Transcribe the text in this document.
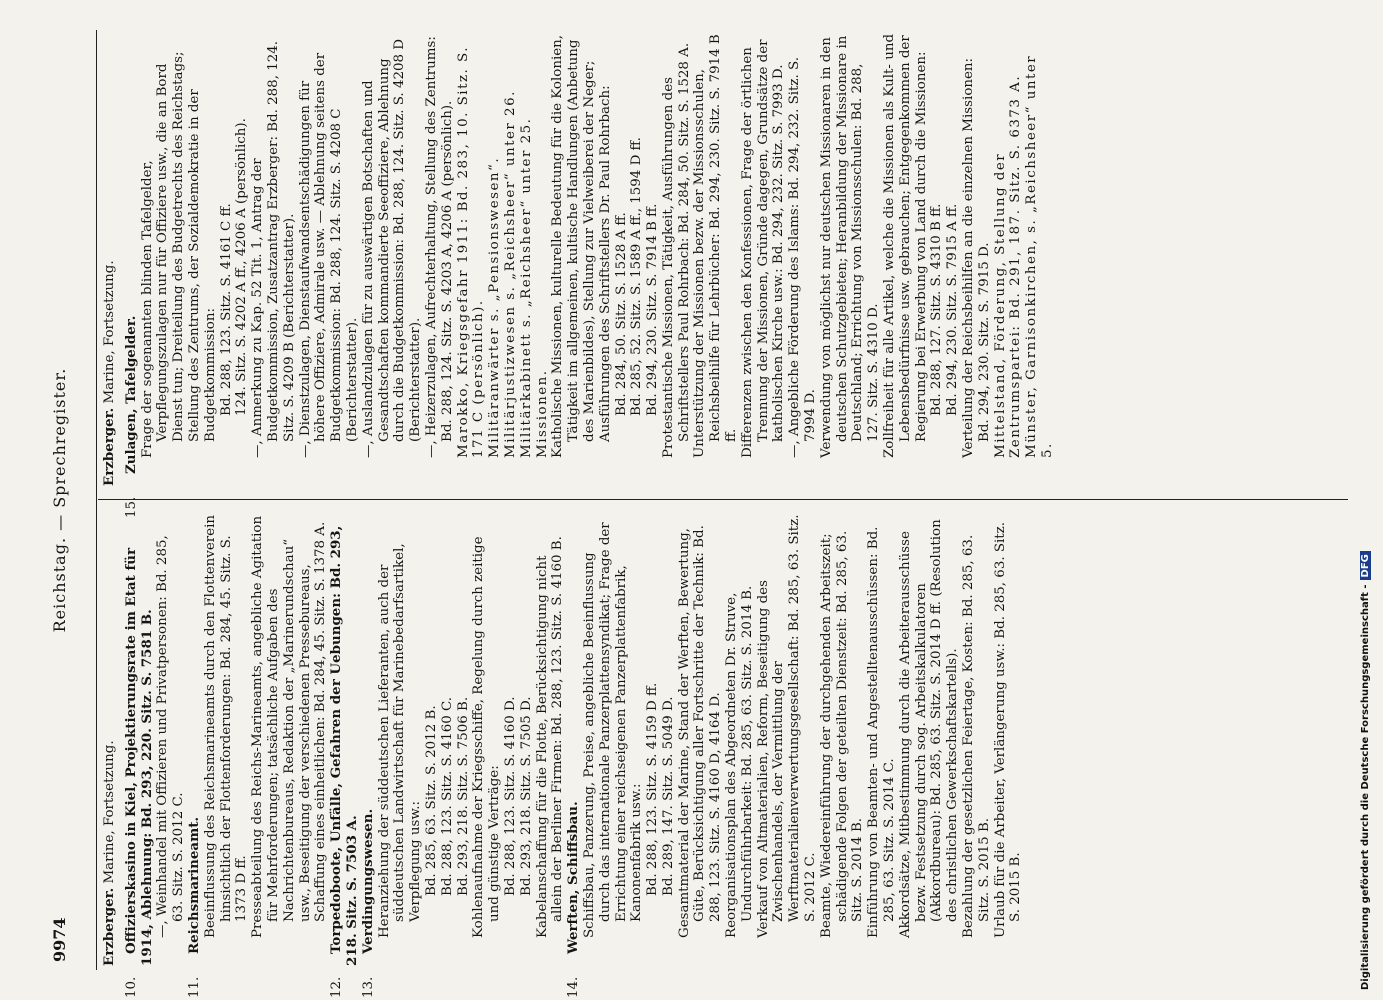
9974
Reichstag. — Sprechregister.

Erzberger. Marine, Fortsetzung.

10.Offizierskasino in Kiel, Projektierungsrate im Etat für 1914, Ablehnung: Bd. 293, 220. Sitz. S. 7581 B. —, Weinhandel mit Offizieren und Privatpersonen: Bd. 285, 63. Sitz. S. 2012 C.

11.Reichsmarineamt. Beeinflussung des Reichsmarineamts durch den Flottenverein hinsichtlich der Flottenforderungen: Bd. 284, 45. Sitz. S. 1373 D ff. Presseabteilung des Reichs-Marineamts, angebliche Agitation für Mehrforderungen; tatsächliche Aufgaben des Nachrichtenbureaus, Redaktion der „Marinerundschau“ usw., Beseitigung der verschiedenen Pressebureaus, Schaffung eines einheitlichen: Bd. 284, 45. Sitz. S. 1378 A.

12.Torpedoboote, Unfälle, Gefahren der Uebungen: Bd. 293, 218. Sitz. S. 7503 A.

13.Verdingungswesen. Heranziehung der süddeutschen Lieferanten, auch der süddeutschen Landwirtschaft für Marinebedarfsartikel, Verpflegung usw.: Bd. 285, 63. Sitz. S. 2012 B. Bd. 288, 123. Sitz. S. 4160 C. Bd. 293, 218. Sitz. S. 7506 B. Kohlenaufnahme der Kriegsschiffe, Regelung durch zeitige und günstige Verträge: Bd. 288, 123. Sitz. S. 4160 D. Bd. 293, 218. Sitz. S. 7505 D. Kabelanschaffung für die Flotte, Berücksichtigung nicht allein der Berliner Firmen: Bd. 288, 123. Sitz. S. 4160 B.

14.Werften, Schiffsbau. Schiffsbau, Panzerung, Preise, angebliche Beeinflussung durch das internationale Panzerplattensyndikat; Frage der Errichtung einer reichseigenen Panzerplattenfabrik, Kanonenfabrik usw.: Bd. 288, 123. Sitz. S. 4159 D ff. Bd. 289, 147. Sitz. S. 5049 D. Gesamtmaterial der Marine, Stand der Werften, Bewertung, Güte, Berücksichtigung aller Fortschritte der Technik: Bd. 288, 123. Sitz. S. 4160 D, 4164 D. Reorganisationsplan des Abgeordneten Dr. Struve, Undurchführbarkeit: Bd. 285, 63. Sitz. S. 2014 B. Verkauf von Altmaterialien, Reform, Beseitigung des Zwischenhandels, der Vermittlung der Werftmaterialienverwertungsgesellschaft: Bd. 285, 63. Sitz. S. 2012 C. Beamte, Wiedereinführung der durchgehenden Arbeitszeit; schädigende Folgen der geteilten Dienstzeit: Bd. 285, 63. Sitz. S. 2014 B. Einführung von Beamten- und Angestelltenausschüssen: Bd. 285, 63. Sitz. S. 2014 C. Akkordsätze, Mitbestimmung durch die Arbeiterausschüsse bezw. Festsetzung durch sog. Arbeitskalkulatoren (Akkordbureau): Bd. 285, 63. Sitz. S. 2014 D ff. (Resolution des christlichen Gewerkschaftskartells). Bezahlung der gesetzlichen Feiertage, Kosten: Bd. 285, 63. Sitz. S. 2015 B. Urlaub für die Arbeiter, Verlängerung usw.: Bd. 285, 63. Sitz. S. 2015 B.

Erzberger. Marine, Fortsetzung.

15.Zulagen, Tafelgelder. Frage der sogenannten blinden Tafelgelder, Verpflegungszulagen nur für Offiziere usw., die an Bord Dienst tun; Dreiteilung des Budgetrechts des Reichstags; Stellung des Zentrums, der Sozialdemokratie in der Budgetkommission: Bd. 288, 123. Sitz. S. 4161 C ff. 124. Sitz. S. 4202 A ff., 4206 A (persönlich). —, Anmerkung zu Kap. 52 Tit. 1, Antrag der Budgetkommission, Zusatzantrag Erzberger: Bd. 288, 124. Sitz. S. 4209 B (Berichterstatter). —, Dienstzulagen, Dienstaufwandsentschädigungen für höhere Offiziere, Admirale usw. — Ablehnung seitens der Budgetkommission: Bd. 288, 124. Sitz. S. 4208 C (Berichterstatter). —, Auslandzulagen für zu auswärtigen Botschaften und Gesandtschaften kommandierte Seeoffiziere, Ablehnung durch die Budgetkommission: Bd. 288, 124. Sitz. S. 4208 D (Berichterstatter). —, Heizerzulagen, Aufrechterhaltung, Stellung des Zentrums: Bd. 288, 124. Sitz. S. 4203 A, 4206 A (persönlich). Marokko, Kriegsgefahr 1911: Bd. 283, 10. Sitz. S. 171 C (persönlich). Militäranwärter s. „Pensionswesen“. Militärjustizwesen s. „Reichsheer“ unter 26. Militärkabinett s. „Reichsheer“ unter 25. Missionen. Katholische Missionen, kulturelle Bedeutung für die Kolonien, Tätigkeit im allgemeinen, kultische Handlungen (Anbetung des Marienbildes), Stellung zur Vielweiberei der Neger; Ausführungen des Schriftstellers Dr. Paul Rohrbach: Bd. 284, 50. Sitz. S. 1528 A ff. Bd. 285, 52. Sitz. S. 1589 A ff., 1594 D ff. Bd. 294, 230. Sitz. S. 7914 B ff. Protestantische Missionen, Tätigkeit, Ausführungen des Schriftstellers Paul Rohrbach: Bd. 284, 50. Sitz. S. 1528 A. Unterstützung der Missionen bezw. der Missionsschulen, Reichsbeihilfe für Lehrbücher: Bd. 294, 230. Sitz. S. 7914 B ff. Differenzen zwischen den Konfessionen, Frage der örtlichen Trennung der Missionen, Gründe dagegen, Grundsätze der katholischen Kirche usw.: Bd. 294, 232. Sitz. S. 7993 D. —, Angebliche Förderung des Islams: Bd. 294, 232. Sitz. S. 7994 D. Verwendung von möglichst nur deutschen Missionaren in den deutschen Schutzgebieten; Heranbildung der Missionare in Deutschland; Errichtung von Missionsschulen: Bd. 288, 127. Sitz. S. 4310 D. Zollfreiheit für alle Artikel, welche die Missionen als Kult- und Lebensbedürfnisse usw. gebrauchen; Entgegenkommen der Regierung bei Erwerbung von Land durch die Missionen: Bd. 288, 127. Sitz. S. 4310 B ff. Bd. 294, 230. Sitz. S. 7915 A ff. Verteilung der Reichsbeihilfen an die einzelnen Missionen: Bd. 294, 230. Sitz. S. 7915 D. Mittelstand, Förderung, Stellung der Zentrumspartei: Bd. 291, 187. Sitz. S. 6373 A. Münster, Garnisonkirchen, s. „Reichsheer“ unter 5.

Digitalisierung gefördert durch die Deutsche Forschungsgemeinschaft -DFG
